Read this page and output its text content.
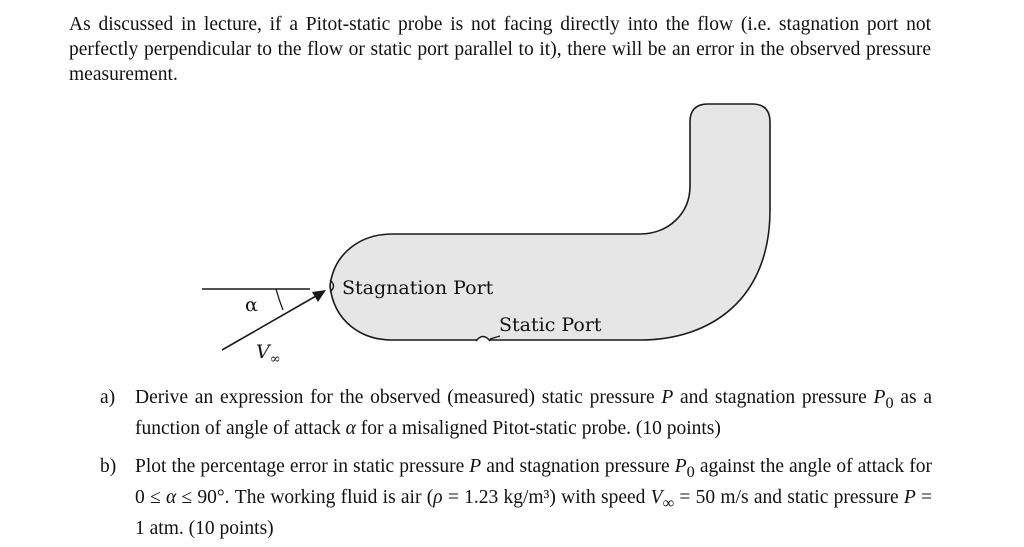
As discussed in lecture, if a Pitot-static probe is not facing directly into the flow (i.e. stagnation port not perfectly perpendicular to the flow or static port parallel to it), there will be an error in the observed pressure measurement.

α
$V_\infty$
Stagnation Port
Static Port
a) Derive an expression for the observed (measured) static pressure P and stagnation pressure $P_0$ as a function of angle of attack α for a misaligned Pitot-static probe. (10 points)
b) Plot the percentage error in static pressure P and stagnation pressure $P_0$ against the angle of attack for 0 ≤ α ≤ 90°. The working fluid is air (ρ = 1.23 kg/m³) with speed $V_\infty = 50$ m/s and static pressure P = 1 atm. (10 points)
